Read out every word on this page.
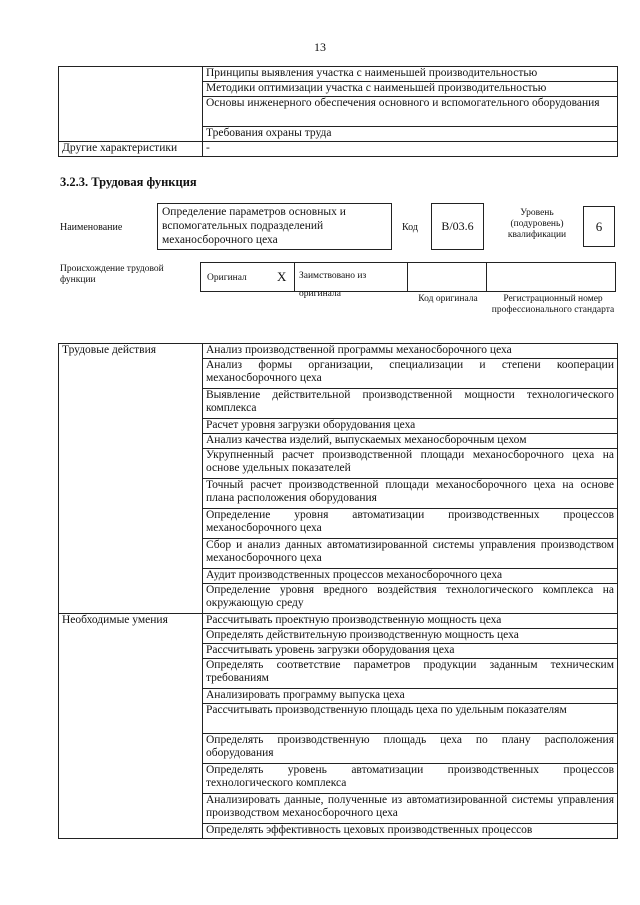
13
	Принципы выявления участка с наименьшей производительностью
	Методики оптимизации участка с наименьшей производительностью
	Основы инженерного обеспечения основного и вспомогательного оборудования
	Требования охраны труда
Другие характеристики	-
3.2.3. Трудовая функция
Наименование
Определение параметров основных и вспомогательных подразделений механосборочного цеха
Код	В/03.6
Уровень (подуровень) квалификации
6
Происхождение трудовой функции	Оригинал X	Заимствовано из оригинала	Код оригинала	Регистрационный номер профессионального стандарта
Трудовые действия	Анализ производственной программы механосборочного цеха
	Анализ формы организации, специализации и степени кооперации механосборочного цеха
	Выявление действительной производственной мощности технологического комплекса
	Расчет уровня загрузки оборудования цеха
	Анализ качества изделий, выпускаемых механосборочным цехом
	Укрупненный расчет производственной площади механосборочного цеха на основе удельных показателей
	Точный расчет производственной площади механосборочного цеха на основе плана расположения оборудования
	Определение уровня автоматизации производственных процессов механосборочного цеха
	Сбор и анализ данных автоматизированной системы управления производством механосборочного цеха
	Аудит производственных процессов механосборочного цеха
	Определение уровня вредного воздействия технологического комплекса на окружающую среду
Необходимые умения	Рассчитывать проектную производственную мощность цеха
	Определять действительную производственную мощность цеха
	Рассчитывать уровень загрузки оборудования цеха
	Определять соответствие параметров продукции заданным техническим требованиям
	Анализировать программу выпуска цеха
	Рассчитывать производственную площадь цеха по удельным показателям
	Определять производственную площадь цеха по плану расположения оборудования
	Определять уровень автоматизации производственных процессов технологического комплекса
	Анализировать данные, полученные из автоматизированной системы управления производством механосборочного цеха
	Определять эффективность цеховых производственных процессов
